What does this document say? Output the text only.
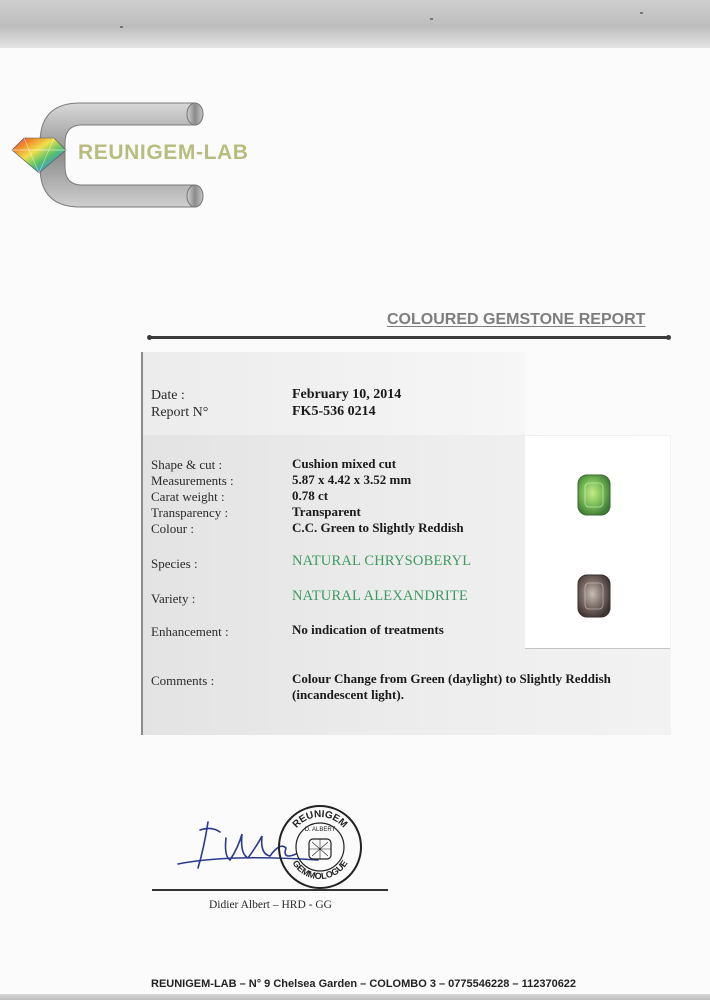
REUNIGEM-LAB
COLOURED GEMSTONE REPORT
Date :	February 10, 2014
Report N°	FK5-536 0214
Shape & cut :	Cushion mixed cut
Measurements :	5.87 x 4.42 x 3.52 mm
Carat weight :	0.78 ct
Transparency :	Transparent
Colour :	C.C. Green to Slightly Reddish
Species :	NATURAL CHRYSOBERYL
Variety :	NATURAL ALEXANDRITE
Enhancement :	No indication of treatments
Comments :	Colour Change from Green (daylight) to Slightly Reddish
(incandescent light).
REUNIGEM
D. ALBERT
GEMMOLOGUE
Didier Albert – HRD - GG
REUNIGEM-LAB – N° 9 Chelsea Garden – COLOMBO 3 – 0775546228 – 112370622
